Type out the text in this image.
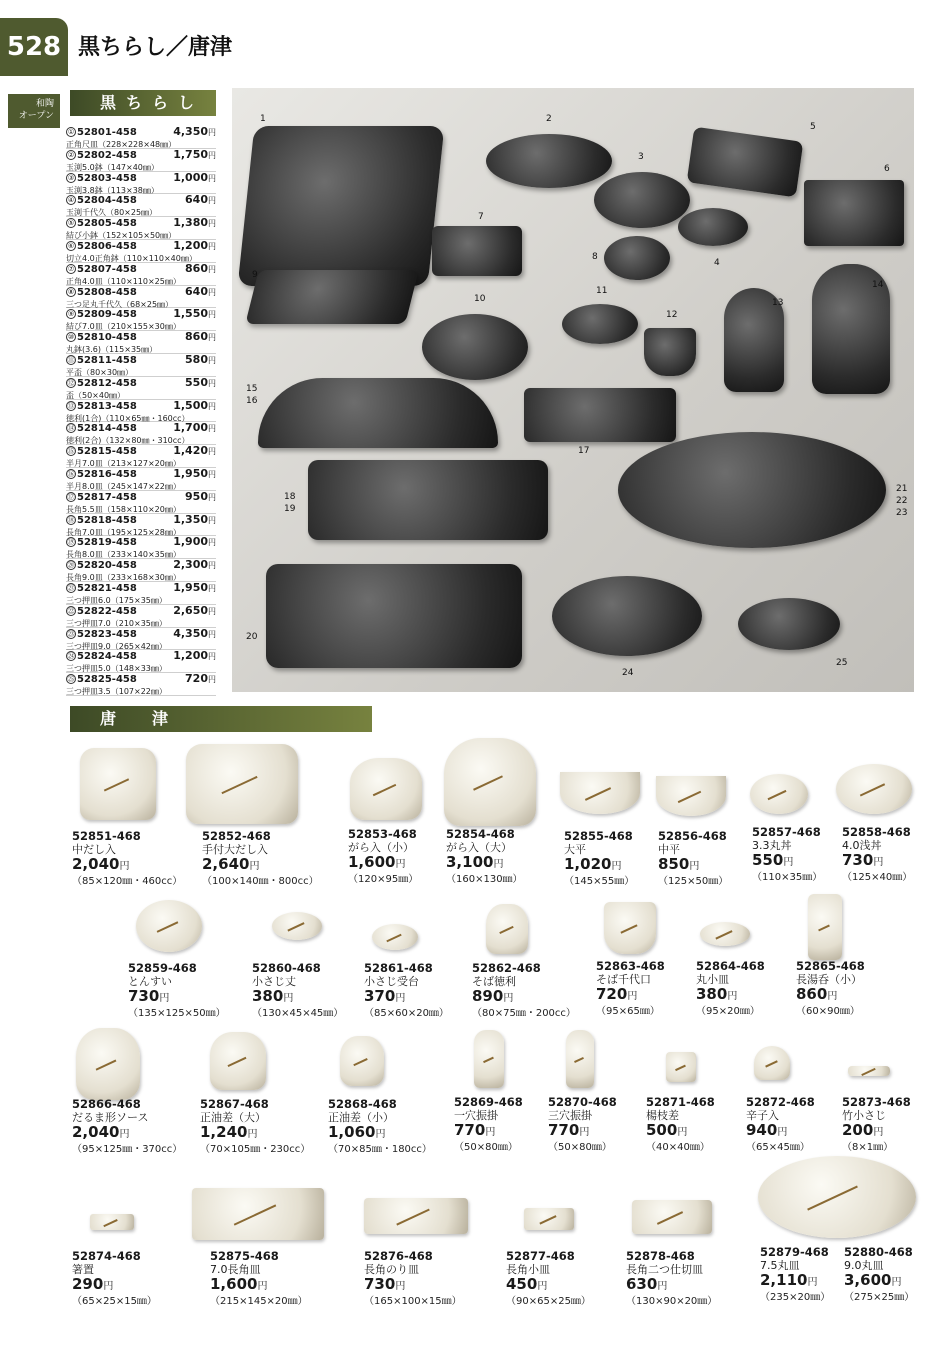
528 黒ちらし／唐津
和陶
オープン
黒ちらし
① 52801-458	4,350円
正角尺皿（228×228×48㎜）
② 52802-458	1,750円
玉渕5.0鉢（147×40㎜）
③ 52803-458	1,000円
玉渕3.8鉢（113×38㎜）
④ 52804-458	640円
玉渕千代久（80×25㎜）
⑤ 52805-458	1,380円
結び小鉢（152×105×50㎜）
⑥ 52806-458	1,200円
切立4.0正角鉢（110×110×40㎜）
⑦ 52807-458	860円
正角4.0皿（110×110×25㎜）
⑧ 52808-458	640円
三つ足丸千代久（68×25㎜）
⑨ 52809-458	1,550円
結び7.0皿（210×155×30㎜）
⑩ 52810-458	860円
丸鉢(3.6)（115×35㎜）
⑪ 52811-458	580円
平盃（80×30㎜）
⑫ 52812-458	550円
盃（50×40㎜）
⑬ 52813-458	1,500円
徳利(1合)（110×65㎜・160cc）
⑭ 52814-458	1,700円
徳利(2合)（132×80㎜・310cc）
⑮ 52815-458	1,420円
半月7.0皿（213×127×20㎜）
⑯ 52816-458	1,950円
半月8.0皿（245×147×22㎜）
⑰ 52817-458	950円
長角5.5皿（158×110×20㎜）
⑱ 52818-458	1,350円
長角7.0皿（195×125×28㎜）
⑲ 52819-458	1,900円
長角8.0皿（233×140×35㎜）
⑳ 52820-458	2,300円
長角9.0皿（233×168×30㎜）
㉑ 52821-458	1,950円
三つ押皿6.0（175×35㎜）
㉒ 52822-458	2,650円
三つ押皿7.0（210×35㎜）
㉓ 52823-458	4,350円
三つ押皿9.0（265×42㎜）
㉔ 52824-458	1,200円
三つ押皿5.0（148×33㎜）
㉕ 52825-458	720円
三つ押皿3.5（107×22㎜）
1	2
3
4
5
6
7
8
9
10
11
12
13
14
15
16
17
18
19
20
21
22
23
24
25
唐　津
52851-468
中だし入
2,040円
（85×120㎜・460cc）
52852-468
手付大だし入
2,640円
（100×140㎜・800cc）
52853-468
がら入（小）
1,600円
（120×95㎜）
52854-468
がら入（大）
3,100円
（160×130㎜）
52855-468
大平
1,020円
（145×55㎜）
52856-468
中平
850円
（125×50㎜）
52857-468
3.3丸丼
550円
（110×35㎜）
52858-468
4.0浅丼
730円
（125×40㎜）
52859-468
とんすい
730円
（135×125×50㎜）
52860-468
小さじ丈
380円
（130×45×45㎜）
52861-468
小さじ受台
370円
（85×60×20㎜）
52862-468
そば徳利
890円
（80×75㎜・200cc）
52863-468
そば千代口
720円
（95×65㎜）
52864-468
丸小皿
380円
（95×20㎜）
52865-468
長湯呑（小）
860円
（60×90㎜）
52866-468
だるま形ソース
2,040円
（95×125㎜・370cc）
52867-468
正油差（大）
1,240円
（70×105㎜・230cc）
52868-468
正油差（小）
1,060円
（70×85㎜・180cc）
52869-468
一穴振掛
770円
（50×80㎜）
52870-468
三穴振掛
770円
（50×80㎜）
52871-468
楊枝差
500円
（40×40㎜）
52872-468
辛子入
940円
（65×45㎜）
52873-468
竹小さじ
200円
（8×1㎜）
52874-468
箸置
290円
（65×25×15㎜）
52875-468
7.0長角皿
1,600円
（215×145×20㎜）
52876-468
長角のり皿
730円
（165×100×15㎜）
52877-468
長角小皿
450円
（90×65×25㎜）
52878-468
長角二つ仕切皿
630円
（130×90×20㎜）
52879-468
7.5丸皿
2,110円
（235×20㎜）
52880-468
9.0丸皿
3,600円
（275×25㎜）
